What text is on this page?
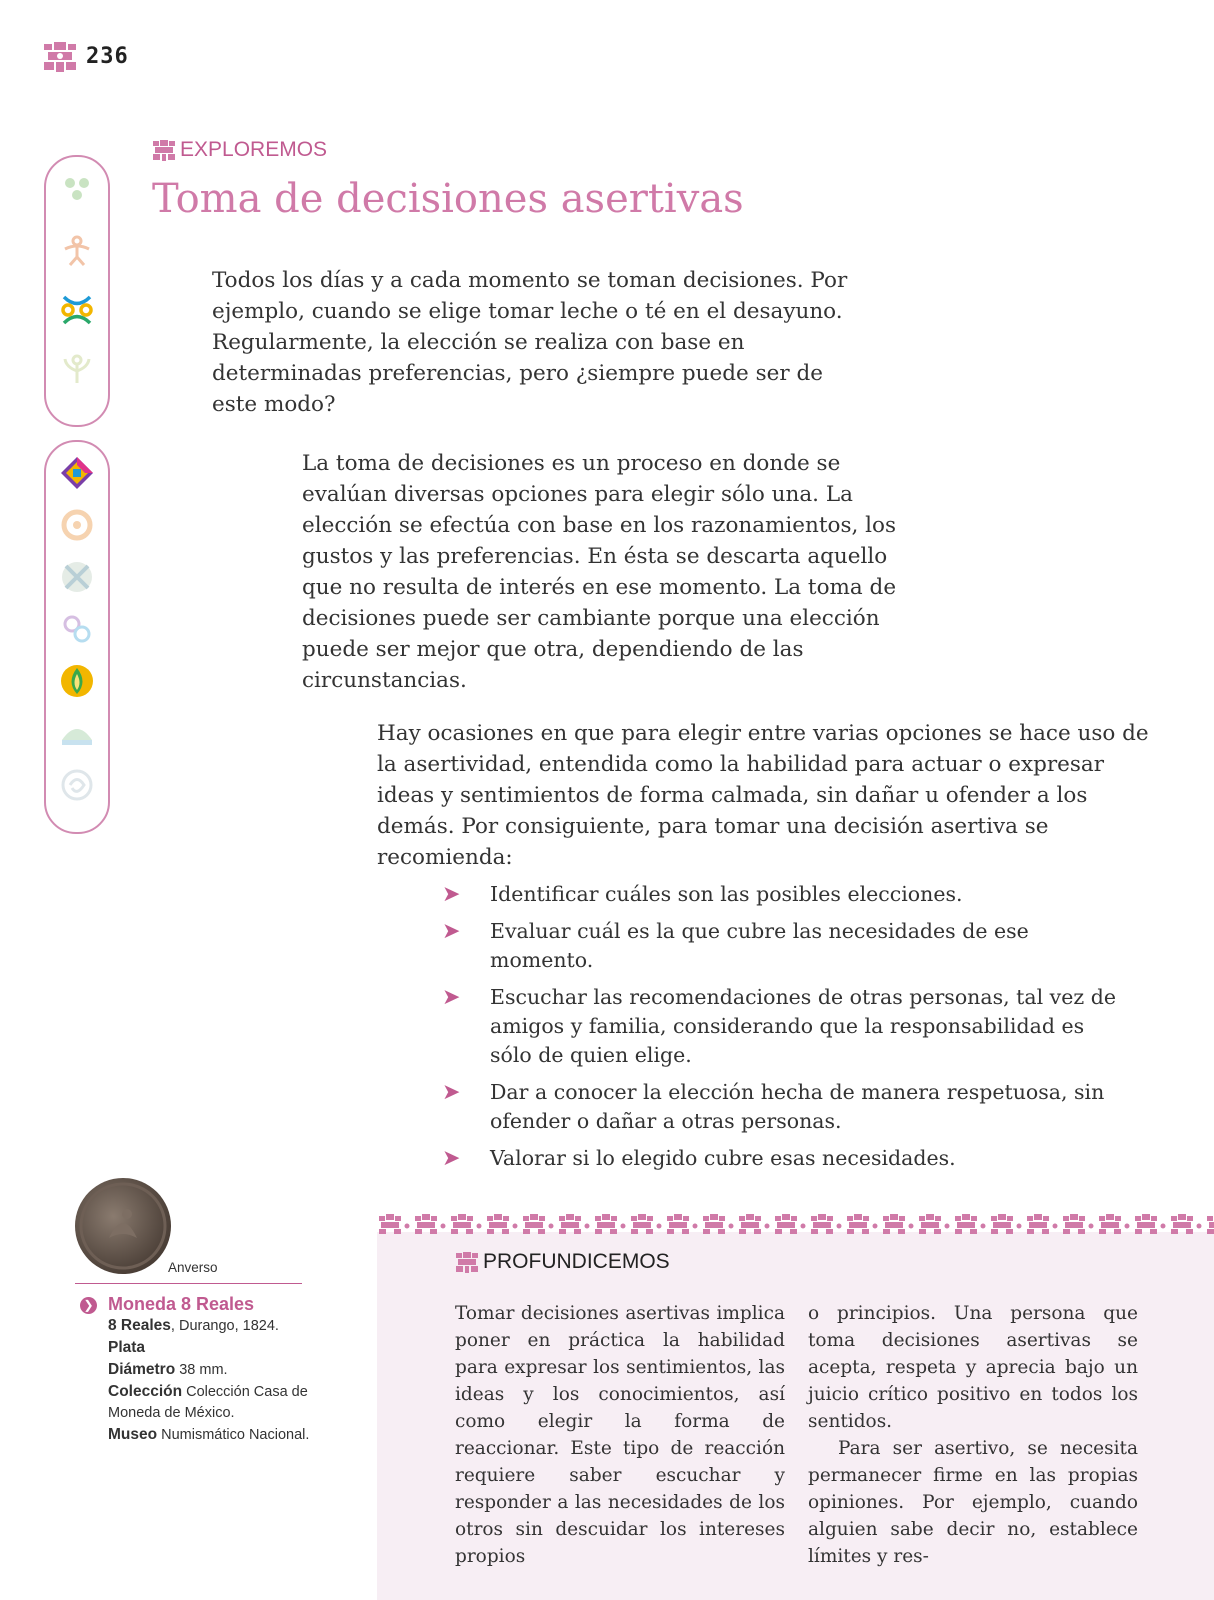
236
EXPLOREMOS
Toma de decisiones asertivas

Todos los días y a cada momento se toman decisiones. Por ejemplo, cuando se elige tomar leche o té en el desayuno. Regularmente, la elección se realiza con base en determinadas preferencias, pero ¿siempre puede ser de este modo?

La toma de decisiones es un proceso en donde se evalúan diversas opciones para elegir sólo una. La elección se efectúa con base en los razonamientos, los gustos y las preferencias. En ésta se descarta aquello que no resulta de interés en ese momento. La toma de decisiones puede ser cambiante porque una elección puede ser mejor que otra, dependiendo de las circunstancias.

Hay ocasiones en que para elegir entre varias opciones se hace uso de la asertividad, entendida como la habilidad para actuar o expresar ideas y sentimientos de forma calmada, sin dañar u ofender a los demás. Por consiguiente, para tomar una decisión asertiva se recomienda:

➤ Identificar cuáles son las posibles elecciones.
➤ Evaluar cuál es la que cubre las necesidades de ese momento.
➤ Escuchar las recomendaciones de otras personas, tal vez de amigos y familia, considerando que la responsabilidad es sólo de quien elige.
➤ Dar a conocer la elección hecha de manera respetuosa, sin ofender o dañar a otras personas.
➤ Valorar si lo elegido cubre esas necesidades.
Anverso
❯ Moneda 8 Reales
8 Reales, Durango, 1824.
Plata
Diámetro 38 mm.
Colección Colección Casa de Moneda de México.
Museo Numismático Nacional.
PROFUNDICEMOS

Tomar decisiones asertivas implica poner en práctica la habilidad para expresar los sentimientos, las ideas y los conocimientos, así como elegir la forma de reaccionar. Este tipo de reacción requiere saber escuchar y responder a las necesidades de los otros sin descuidar los intereses propios

o principios. Una persona que toma decisiones asertivas se acepta, respeta y aprecia bajo un juicio crítico positivo en todos los sentidos.
Para ser asertivo, se necesita permanecer firme en las propias opiniones. Por ejemplo, cuando alguien sabe decir no, establece límites y res-
